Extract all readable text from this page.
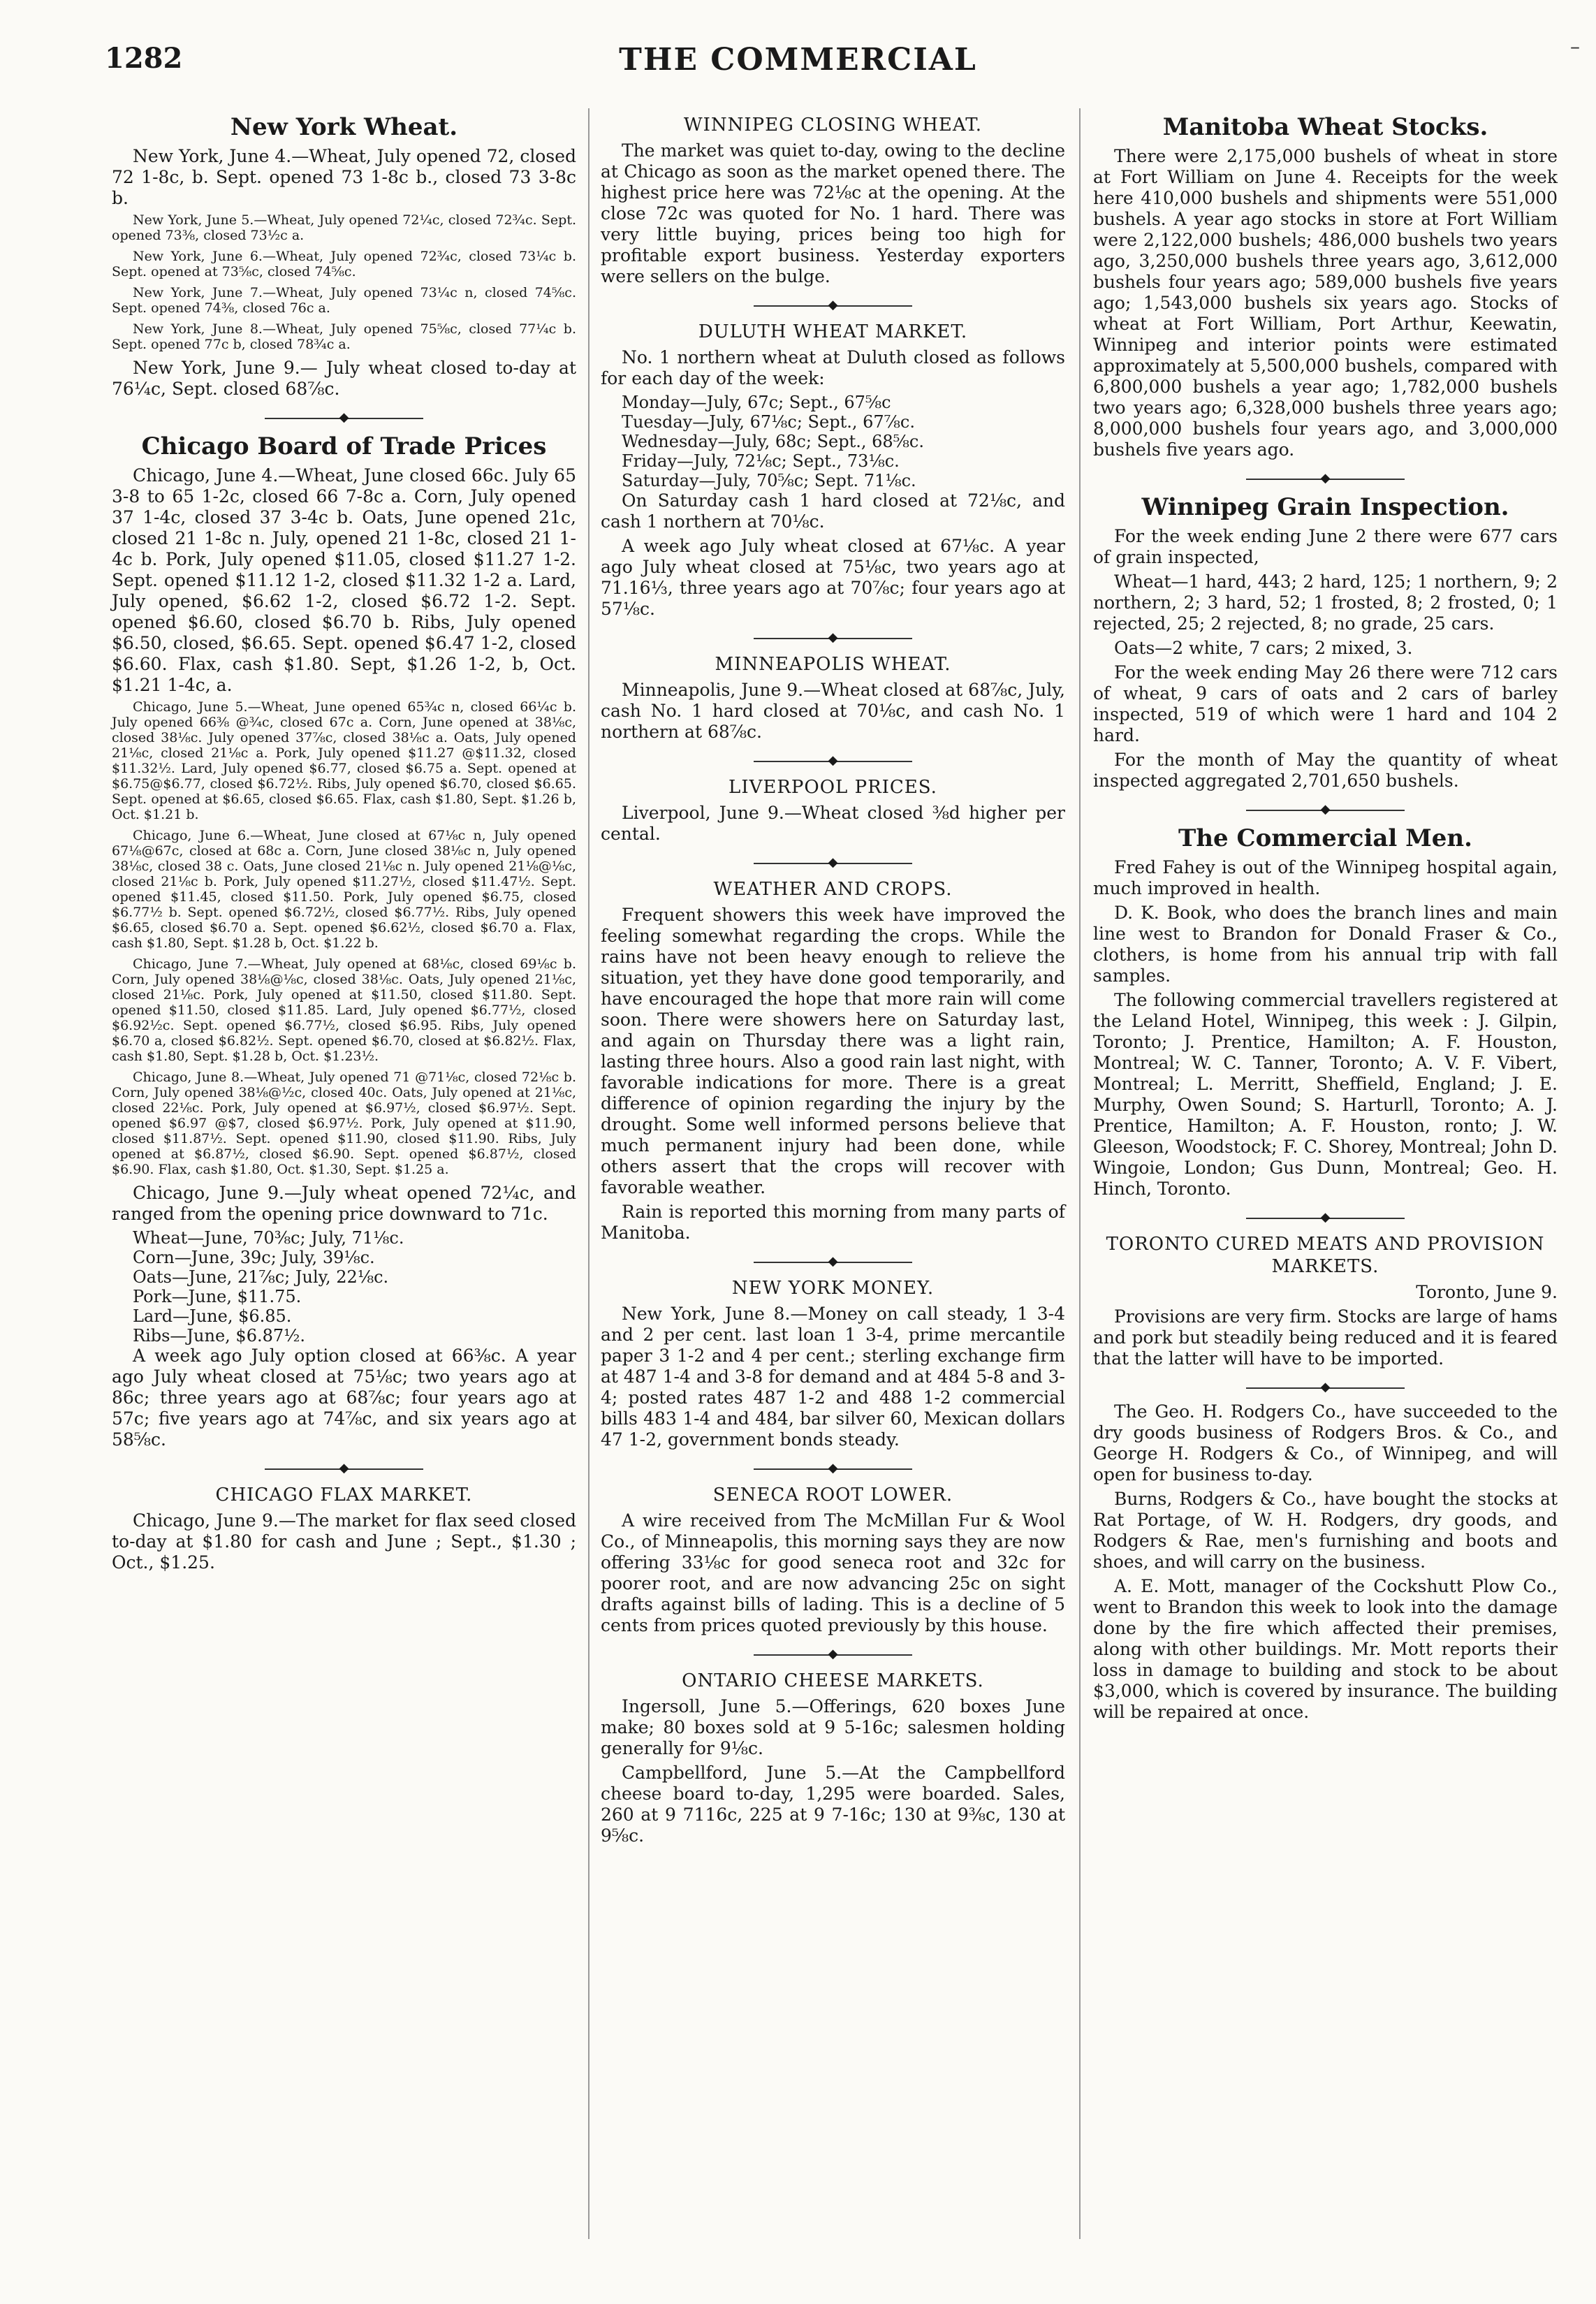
1282	THE COMMERCIAL	–
New York Wheat.

New York, June 4.—Wheat, July opened 72, closed 72 1-8c, b. Sept. opened 73 1-8c b., closed 73 3-8c b.

New York, June 5.—Wheat, July opened 72¼c, closed 72¾c. Sept. opened 73⅜, closed 73½c a.

New York, June 6.—Wheat, July opened 72¾c, closed 73¼c b. Sept. opened at 73⅝c, closed 74⅝c.

New York, June 7.—Wheat, July opened 73¼c n, closed 74⅝c. Sept. opened 74⅜, closed 76c a.

New York, June 8.—Wheat, July opened 75⅝c, closed 77¼c b. Sept. opened 77c b, closed 78¾c a.

New York, June 9.— July wheat closed to-day at 76¼c, Sept. closed 68⅞c.

◆
Chicago Board of Trade Prices

Chicago, June 4.—Wheat, June closed 66c. July 65 3-8 to 65 1-2c, closed 66 7-8c a. Corn, July opened 37 1-4c, closed 37 3-4c b. Oats, June opened 21c, closed 21 1-8c n. July, opened 21 1-8c, closed 21 1-4c b. Pork, July opened $11.05, closed $11.27 1-2. Sept. opened $11.12 1-2, closed $11.32 1-2 a. Lard, July opened, $6.62 1-2, closed $6.72 1-2. Sept. opened $6.60, closed $6.70 b. Ribs, July opened $6.50, closed, $6.65. Sept. opened $6.47 1-2, closed $6.60. Flax, cash $1.80. Sept, $1.26 1-2, b, Oct. $1.21 1-4c, a.

Chicago, June 5.—Wheat, June opened 65¾c n, closed 66¼c b. July opened 66⅜ @¾c, closed 67c a. Corn, June opened at 38⅛c, closed 38⅛c. July opened 37⅞c, closed 38⅛c a. Oats, July opened 21⅛c, closed 21⅛c a. Pork, July opened $11.27 @$11.32, closed $11.32½. Lard, July opened $6.77, closed $6.75 a. Sept. opened at $6.75@$6.77, closed $6.72½. Ribs, July opened $6.70, closed $6.65. Sept. opened at $6.65, closed $6.65. Flax, cash $1.80, Sept. $1.26 b, Oct. $1.21 b.

Chicago, June 6.—Wheat, June closed at 67⅛c n, July opened 67⅛@67c, closed at 68c a. Corn, June closed 38⅛c n, July opened 38⅛c, closed 38 c. Oats, June closed 21⅛c n. July opened 21⅛@⅛c, closed 21⅛c b. Pork, July opened $11.27½, closed $11.47½. Sept. opened $11.45, closed $11.50. Pork, July opened $6.75, closed $6.77½ b. Sept. opened $6.72½, closed $6.77½. Ribs, July opened $6.65, closed $6.70 a. Sept. opened $6.62½, closed $6.70 a. Flax, cash $1.80, Sept. $1.28 b, Oct. $1.22 b.

Chicago, June 7.—Wheat, July opened at 68⅛c, closed 69⅛c b. Corn, July opened 38⅛@⅛c, closed 38⅛c. Oats, July opened 21⅛c, closed 21⅛c. Pork, July opened at $11.50, closed $11.80. Sept. opened $11.50, closed $11.85. Lard, July opened $6.77½, closed $6.92½c. Sept. opened $6.77½, closed $6.95. Ribs, July opened $6.70 a, closed $6.82½. Sept. opened $6.70, closed at $6.82½. Flax, cash $1.80, Sept. $1.28 b, Oct. $1.23½.

Chicago, June 8.—Wheat, July opened 71 @71⅛c, closed 72⅛c b. Corn, July opened 38⅛@½c, closed 40c. Oats, July opened at 21⅛c, closed 22⅛c. Pork, July opened at $6.97½, closed $6.97½. Sept. opened $6.97 @$7, closed $6.97½. Pork, July opened at $11.90, closed $11.87½. Sept. opened $11.90, closed $11.90. Ribs, July opened at $6.87½, closed $6.90. Sept. opened $6.87½, closed $6.90. Flax, cash $1.80, Oct. $1.30, Sept. $1.25 a.

Chicago, June 9.—July wheat opened 72¼c, and ranged from the opening price downward to 71c.

Wheat—June, 70⅜c; July, 71⅛c.

Corn—June, 39c; July, 39⅛c.

Oats—June, 21⅞c; July, 22⅛c.

Pork—June, $11.75.

Lard—June, $6.85.

Ribs—June, $6.87½.

A week ago July option closed at 66⅜c. A year ago July wheat closed at 75⅛c; two years ago at 86c; three years ago at 68⅞c; four years ago at 57c; five years ago at 74⅞c, and six years ago at 58⅝c.

◆
CHICAGO FLAX MARKET.

Chicago, June 9.—The market for flax seed closed to-day at $1.80 for cash and June ; Sept., $1.30 ; Oct., $1.25.

WINNIPEG CLOSING WHEAT.

The market was quiet to-day, owing to the decline at Chicago as soon as the market opened there. The highest price here was 72⅛c at the opening. At the close 72c was quoted for No. 1 hard. There was very little buying, prices being too high for profitable export business. Yesterday exporters were sellers on the bulge.

◆
DULUTH WHEAT MARKET.

No. 1 northern wheat at Duluth closed as follows for each day of the week:

Monday—July, 67c; Sept., 67⅝c

Tuesday—July, 67⅛c; Sept., 67⅞c.

Wednesday—July, 68c; Sept., 68⅝c.

Friday—July, 72⅛c; Sept., 73⅛c.

Saturday—July, 70⅝c; Sept. 71⅛c.

On Saturday cash 1 hard closed at 72⅛c, and cash 1 northern at 70⅛c.

A week ago July wheat closed at 67⅛c. A year ago July wheat closed at 75⅛c, two years ago at 71.16⅓, three years ago at 70⅞c; four years ago at 57⅛c.

◆
MINNEAPOLIS WHEAT.

Minneapolis, June 9.—Wheat closed at 68⅞c, July, cash No. 1 hard closed at 70⅛c, and cash No. 1 northern at 68⅞c.

◆
LIVERPOOL PRICES.

Liverpool, June 9.—Wheat closed ⅜d higher per cental.

◆
WEATHER AND CROPS.

Frequent showers this week have improved the feeling somewhat regarding the crops. While the rains have not been heavy enough to relieve the situation, yet they have done good temporarily, and have encouraged the hope that more rain will come soon. There were showers here on Saturday last, and again on Thursday there was a light rain, lasting three hours. Also a good rain last night, with favorable indications for more. There is a great difference of opinion regarding the injury by the drought. Some well informed persons believe that much permanent injury had been done, while others assert that the crops will recover with favorable weather.

Rain is reported this morning from many parts of Manitoba.

◆
NEW YORK MONEY.

New York, June 8.—Money on call steady, 1 3-4 and 2 per cent. last loan 1 3-4, prime mercantile paper 3 1-2 and 4 per cent.; sterling exchange firm at 487 1-4 and 3-8 for demand and at 484 5-8 and 3-4; posted rates 487 1-2 and 488 1-2 commercial bills 483 1-4 and 484, bar silver 60, Mexican dollars 47 1-2, government bonds steady.

◆
SENECA ROOT LOWER.

A wire received from The McMillan Fur & Wool Co., of Minneapolis, this morning says they are now offering 33⅛c for good seneca root and 32c for poorer root, and are now advancing 25c on sight drafts against bills of lading. This is a decline of 5 cents from prices quoted previously by this house.

◆
ONTARIO CHEESE MARKETS.

Ingersoll, June 5.—Offerings, 620 boxes June make; 80 boxes sold at 9 5-16c; salesmen holding generally for 9⅛c.

Campbellford, June 5.—At the Campbellford cheese board to-day, 1,295 were boarded. Sales, 260 at 9 7116c, 225 at 9 7-16c; 130 at 9⅜c, 130 at 9⅝c.

Manitoba Wheat Stocks.

There were 2,175,000 bushels of wheat in store at Fort William on June 4. Receipts for the week here 410,000 bushels and shipments were 551,000 bushels. A year ago stocks in store at Fort William were 2,122,000 bushels; 486,000 bushels two years ago, 3,250,000 bushels three years ago, 3,612,000 bushels four years ago; 589,000 bushels five years ago; 1,543,000 bushels six years ago. Stocks of wheat at Fort William, Port Arthur, Keewatin, Winnipeg and interior points were estimated approximately at 5,500,000 bushels, compared with 6,800,000 bushels a year ago; 1,782,000 bushels two years ago; 6,328,000 bushels three years ago; 8,000,000 bushels four years ago, and 3,000,000 bushels five years ago.

◆
Winnipeg Grain Inspection.

For the week ending June 2 there were 677 cars of grain inspected,

Wheat—1 hard, 443; 2 hard, 125; 1 northern, 9; 2 northern, 2; 3 hard, 52; 1 frosted, 8; 2 frosted, 0; 1 rejected, 25; 2 rejected, 8; no grade, 25 cars.

Oats—2 white, 7 cars; 2 mixed, 3.

For the week ending May 26 there were 712 cars of wheat, 9 cars of oats and 2 cars of barley inspected, 519 of which were 1 hard and 104 2 hard.

For the month of May the quantity of wheat inspected aggregated 2,701,650 bushels.

◆
The Commercial Men.

Fred Fahey is out of the Winnipeg hospital again, much improved in health.

D. K. Book, who does the branch lines and main line west to Brandon for Donald Fraser & Co., clothers, is home from his annual trip with fall samples.

The following commercial travellers registered at the Leland Hotel, Winnipeg, this week : J. Gilpin, Toronto; J. Prentice, Hamilton; A. F. Houston, Montreal; W. C. Tanner, Toronto; A. V. F. Vibert, Montreal; L. Merritt, Sheffield, England; J. E. Murphy, Owen Sound; S. Harturll, Toronto; A. J. Prentice, Hamilton; A. F. Houston, ronto; J. W. Gleeson, Woodstock; F. C. Shorey, Montreal; John D. Wingoie, London; Gus Dunn, Montreal; Geo. H. Hinch, Toronto.

◆
TORONTO CURED MEATS AND PROVISION MARKETS.

Toronto, June 9.

Provisions are very firm. Stocks are large of hams and pork but steadily being reduced and it is feared that the latter will have to be imported.

◆

The Geo. H. Rodgers Co., have succeeded to the dry goods business of Rodgers Bros. & Co., and George H. Rodgers & Co., of Winnipeg, and will open for business to-day.

Burns, Rodgers & Co., have bought the stocks at Rat Portage, of W. H. Rodgers, dry goods, and Rodgers & Rae, men's furnishing and boots and shoes, and will carry on the business.

A. E. Mott, manager of the Cockshutt Plow Co., went to Brandon this week to look into the damage done by the fire which affected their premises, along with other buildings. Mr. Mott reports their loss in damage to building and stock to be about $3,000, which is covered by insurance. The building will be repaired at once.
